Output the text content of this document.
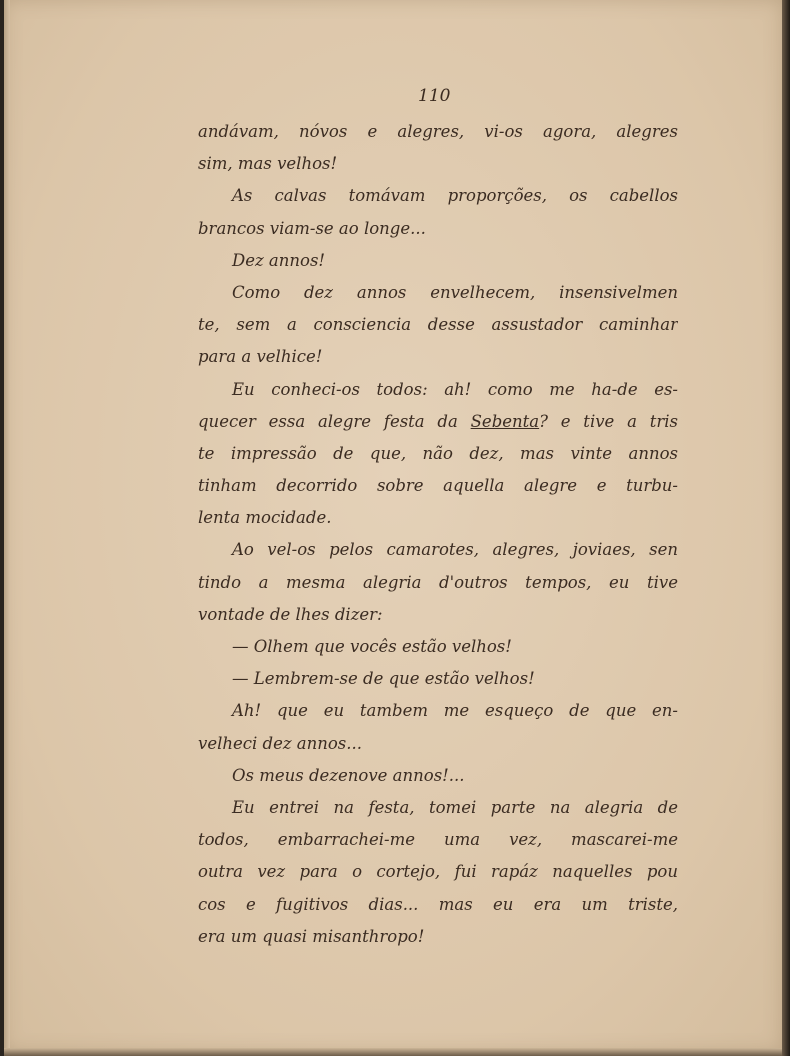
110
andávam, nóvos e alegres, vi-os agora, alegres
sim, mas velhos!
As calvas tomávam proporções, os cabellos
brancos viam-se ao longe...
Dez annos!
Como dez annos envelhecem, insensivelmen
te, sem a consciencia desse assustador caminhar
para a velhice!
Eu conheci-os todos: ah! como me ha-de es-
quecer essa alegre festa da Sebenta? e tive a tris
te impressão de que, não dez, mas vinte annos
tinham decorrido sobre aquella alegre e turbu-
lenta mocidade.
Ao vel-os pelos camarotes, alegres, joviaes, sen
tindo a mesma alegria d'outros tempos, eu tive
vontade de lhes dizer:
— Olhem que vocês estão velhos!
— Lembrem-se de que estão velhos!
Ah! que eu tambem me esqueço de que en-
velheci dez annos...
Os meus dezenove annos!...
Eu entrei na festa, tomei parte na alegria de
todos, embarrachei-me uma vez, mascarei-me
outra vez para o cortejo, fui rapáz naquelles pou
cos e fugitivos dias... mas eu era um triste,
era um quasi misanthropo!
